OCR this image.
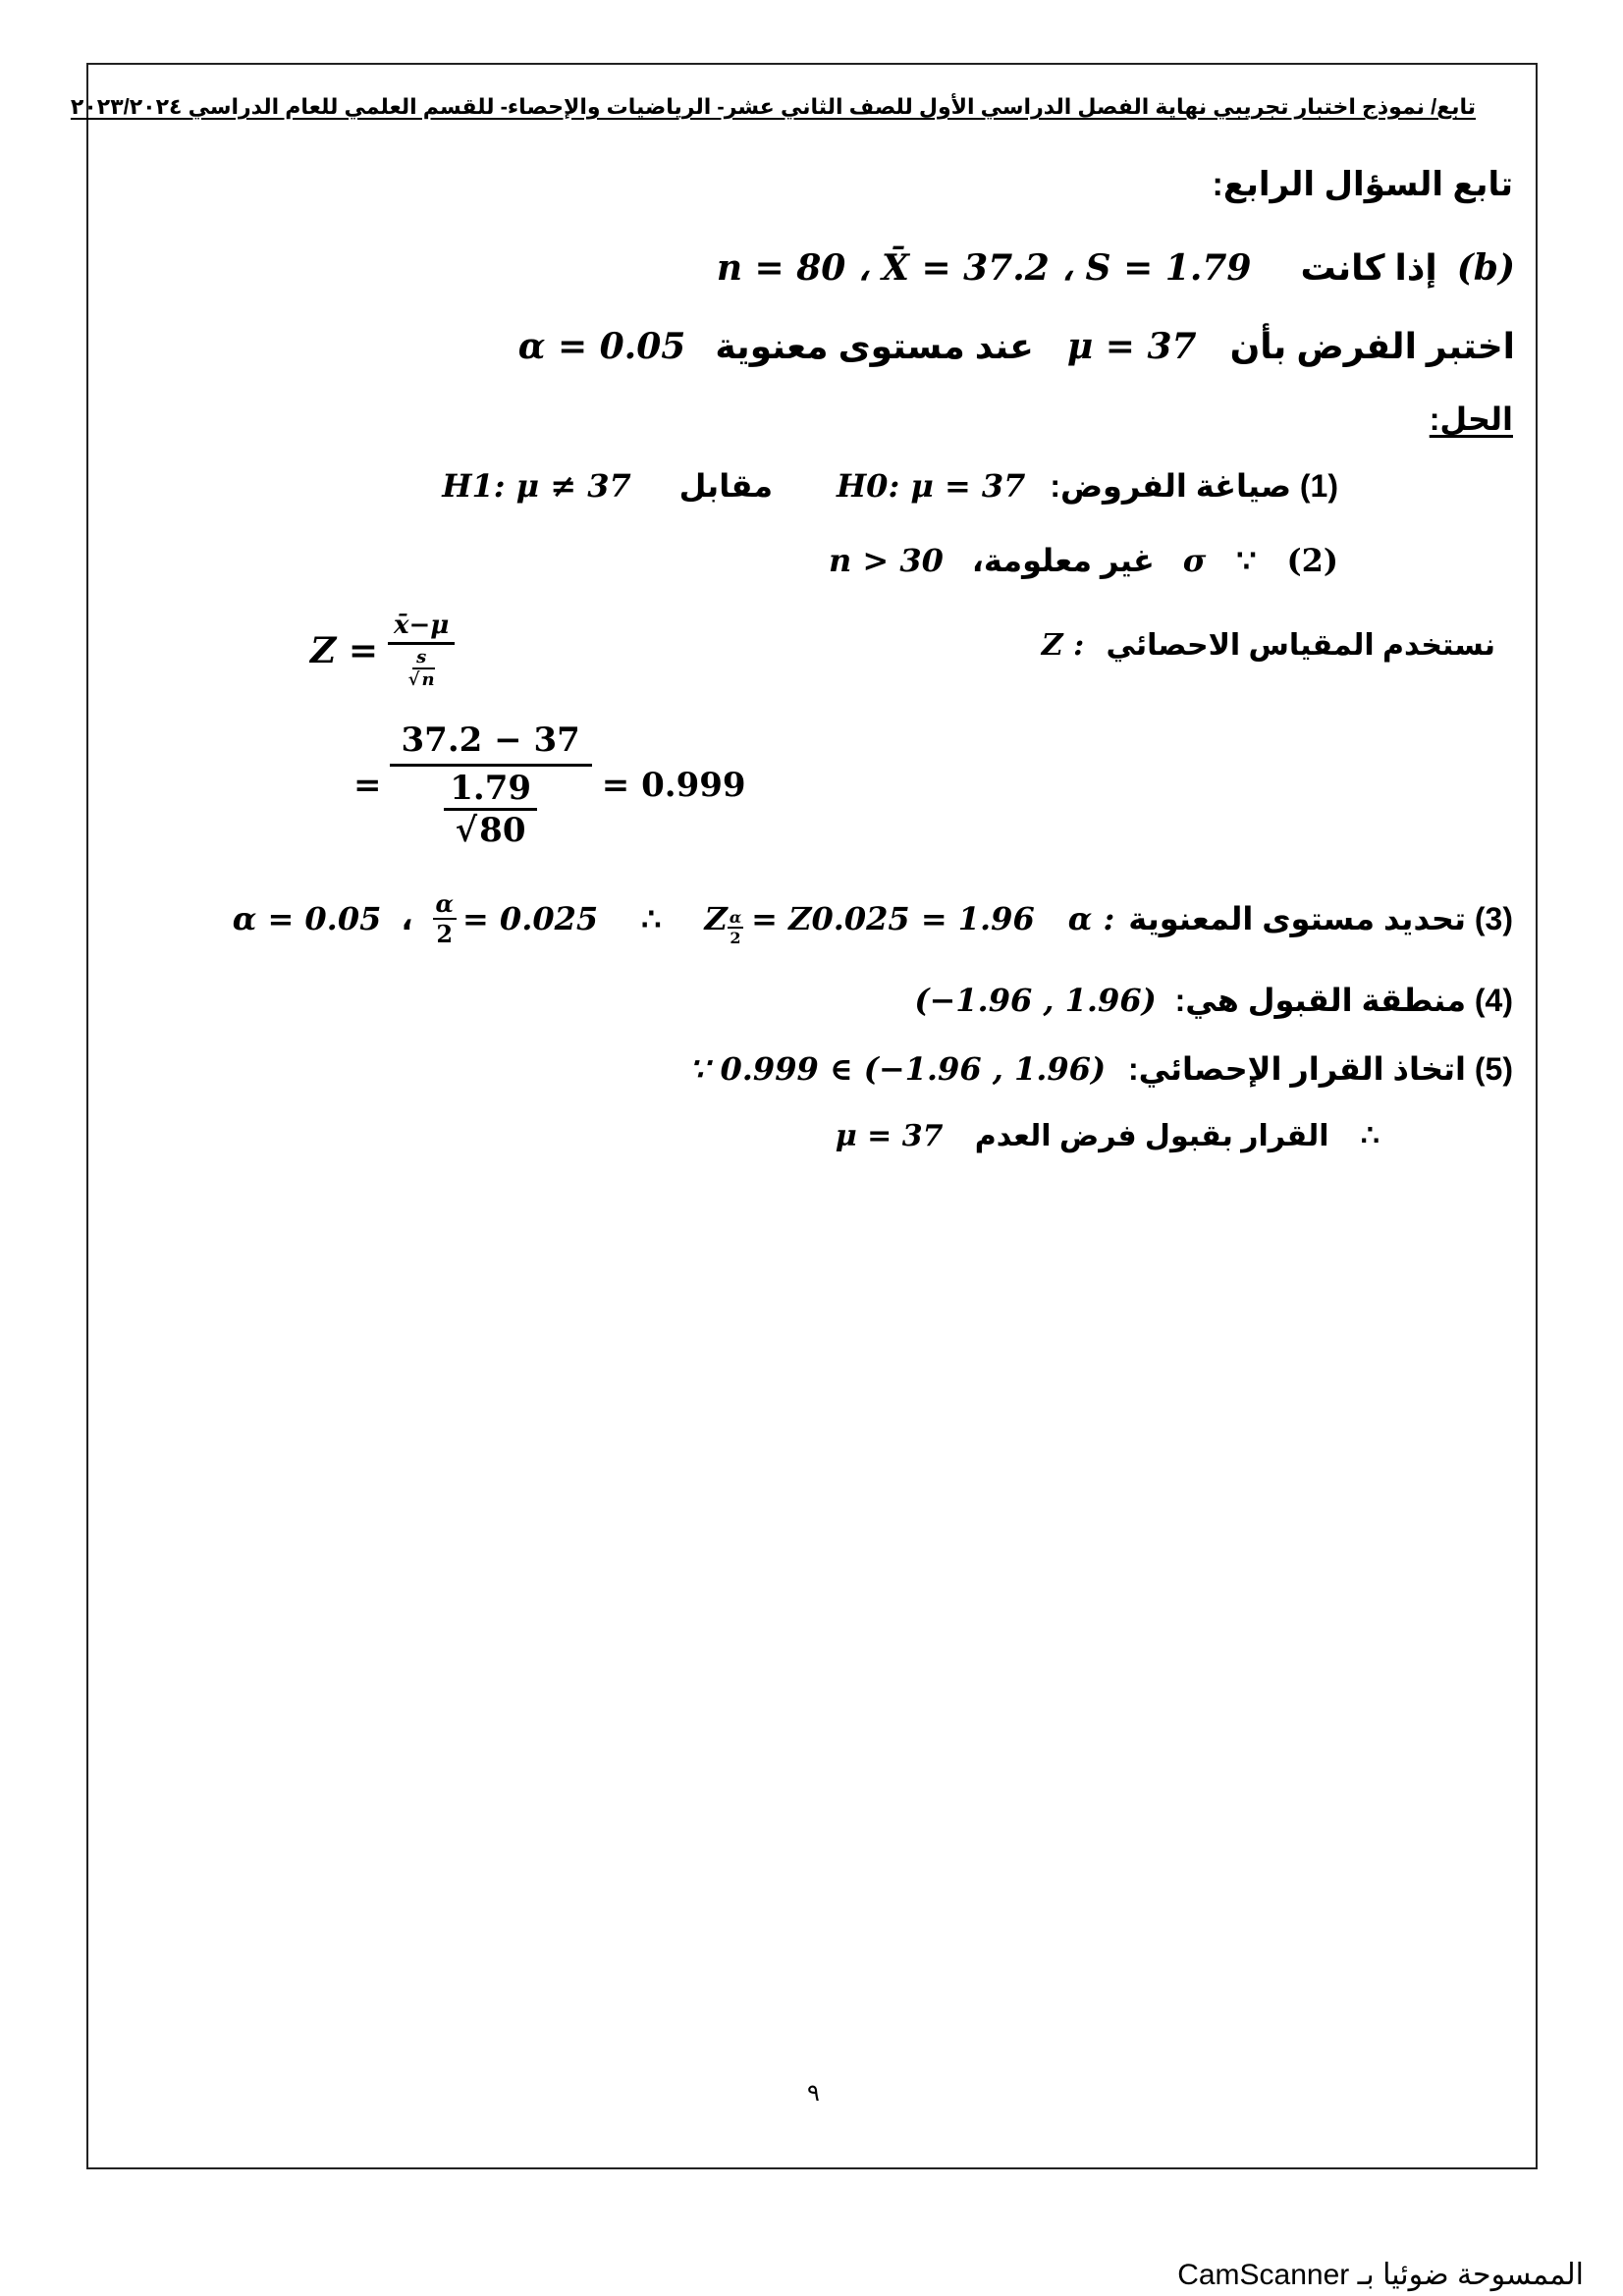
تابع/ نموذج اختبار تجريبي نهاية الفصل الدراسي الأول للصف الثاني عشر- الرياضيات والإحصاء- للقسم العلمي للعام الدراسي ٢٠٢٣/٢٠٢٤
تابع السؤال الرابع:
(b) إذا كانت n = 80 ، X̄ = 37.2 ، S = 1.79
اختبر الفرض بأن μ = 37 عند مستوى معنوية α = 0.05
الحل:
(1) صياغة الفروض: H0: μ = 37 مقابل H1: μ ≠ 37
(2) ∵ σ غير معلومة، n > 30
نستخدم المقياس الاحصائي Z :
Z = x̄−μ
s
√ n
= 37.2 − 37
1.79
√80 = 0.999
(3) تحديد مستوى المعنوية
α :
Z $\frac{\alpha}{2} = Z0.025 = 1.96$
∴
$\frac{\alpha}{2} = 0.025$
،
α = 0.05
(4) منطقة القبول هي: (−1.96 , 1.96)
(5) اتخاذ القرار الإحصائي: ∵ 0.999 ∈ (−1.96 , 1.96)
∴ القرار بقبول فرض العدم μ = 37
٩
الممسوحة ضوئيا بـ CamScanner
